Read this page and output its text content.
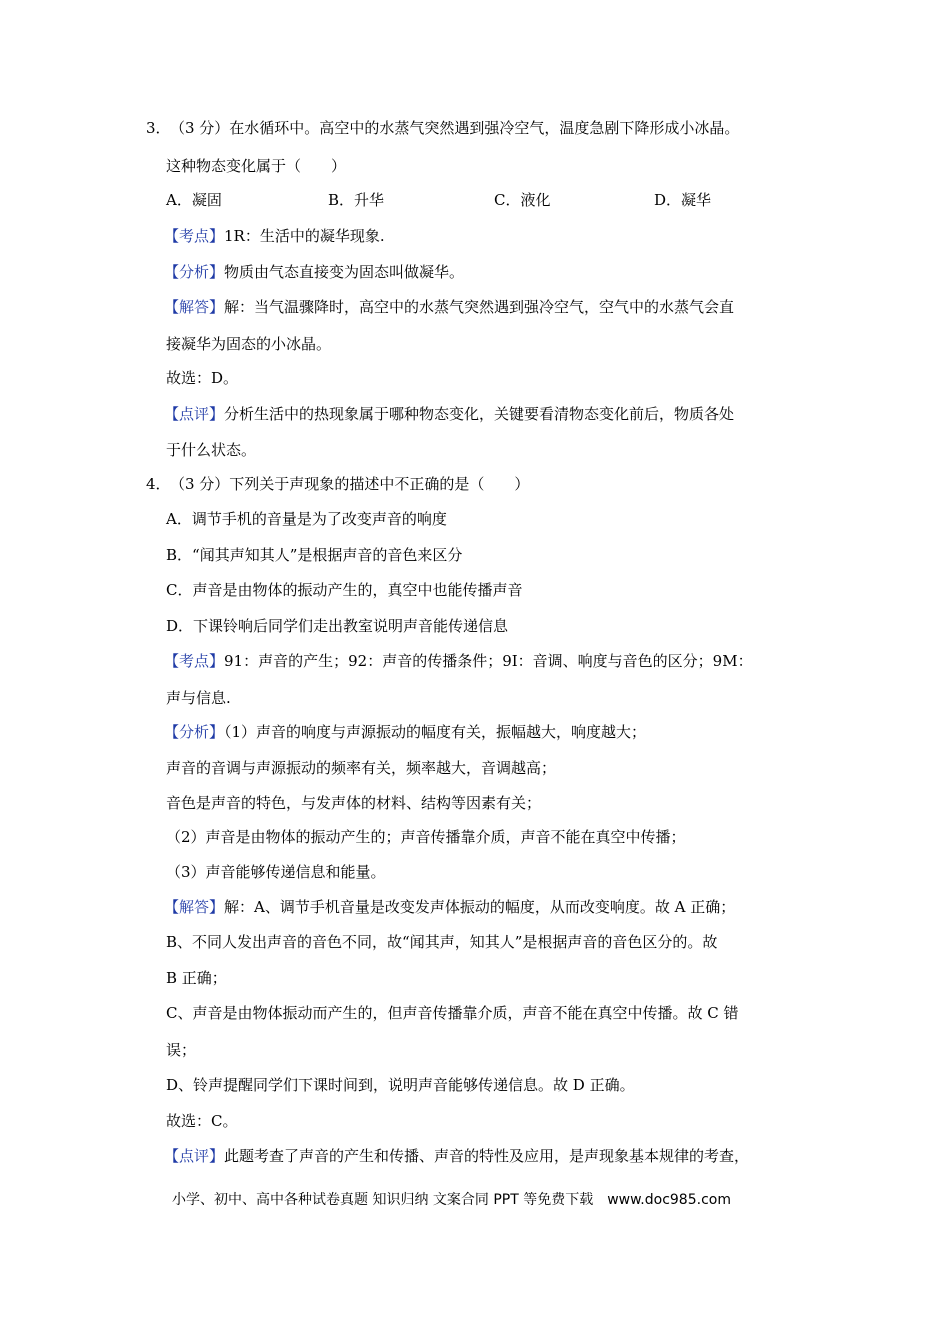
3． （3 分）在水循环中。高空中的水蒸气突然遇到强冷空气，温度急剧下降形成小冰晶。
这种物态变化属于（　　）
A．凝固	B．升华	C．液化	D．凝华
【考点】1R：生活中的凝华现象.
【分析】物质由气态直接变为固态叫做凝华。
【解答】解：当气温骤降时，高空中的水蒸气突然遇到强冷空气，空气中的水蒸气会直
接凝华为固态的小冰晶。
故选：D。
【点评】分析生活中的热现象属于哪种物态变化，关键要看清物态变化前后，物质各处
于什么状态。
4． （3 分）下列关于声现象的描述中不正确的是（　　）
A．调节手机的音量是为了改变声音的响度
B．“闻其声知其人”是根据声音的音色来区分
C．声音是由物体的振动产生的，真空中也能传播声音
D．下课铃响后同学们走出教室说明声音能传递信息
【考点】91：声音的产生；92：声音的传播条件；9I：音调、响度与音色的区分；9M：
声与信息.
【分析】（1）声音的响度与声源振动的幅度有关，振幅越大，响度越大；
声音的音调与声源振动的频率有关，频率越大，音调越高；
音色是声音的特色，与发声体的材料、结构等因素有关；
（2）声音是由物体的振动产生的；声音传播靠介质，声音不能在真空中传播；
（3）声音能够传递信息和能量。
【解答】解：A、调节手机音量是改变发声体振动的幅度，从而改变响度。故 A 正确；
B、不同人发出声音的音色不同，故“闻其声，知其人”是根据声音的音色区分的。故
B 正确；
C、声音是由物体振动而产生的，但声音传播靠介质，声音不能在真空中传播。故 C 错
误；
D、铃声提醒同学们下课时间到，说明声音能够传递信息。故 D 正确。
故选：C。
【点评】此题考查了声音的产生和传播、声音的特性及应用，是声现象基本规律的考查，
小学、初中、高中各种试卷真题 知识归纳 文案合同 PPT 等免费下载　www.doc985.com
